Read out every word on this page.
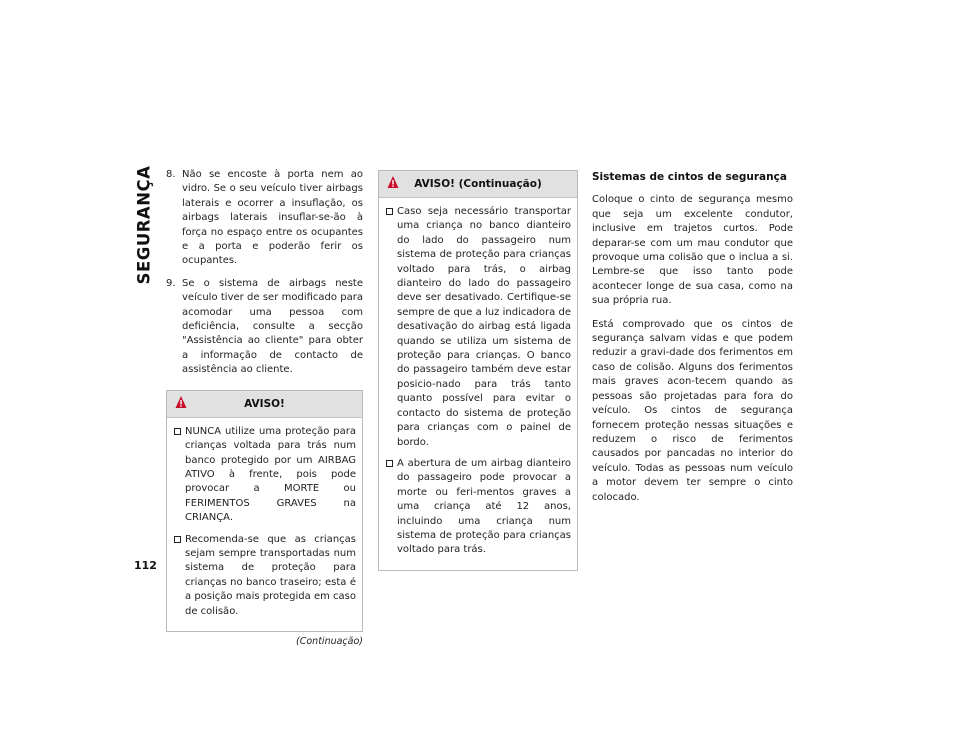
SEGURANÇA
112
8. Não se encoste à porta nem ao vidro. Se o seu veículo tiver airbags laterais e ocorrer a insuflação, os airbags laterais insuflar-se-ão à força no espaço entre os ocupantes e a porta e poderão ferir os ocupantes.
9. Se o sistema de airbags neste veículo tiver de ser modificado para acomodar uma pessoa com deficiência, consulte a secção "Assistência ao cliente" para obter a informação de contacto de assistência ao cliente.
AVISO!
NUNCA utilize uma proteção para crianças voltada para trás num banco protegido por um AIRBAG ATIVO à frente, pois pode provocar a MORTE ou FERIMENTOS GRAVES na CRIANÇA.
Recomenda-se que as crianças sejam sempre transportadas num sistema de proteção para crianças no banco traseiro; esta é a posição mais protegida em caso de colisão.
(Continuação)
AVISO! (Continuação)
Caso seja necessário transportar uma criança no banco dianteiro do lado do passageiro num sistema de proteção para crianças voltado para trás, o airbag dianteiro do lado do passageiro deve ser desativado. Certifique-se sempre de que a luz indicadora de desativação do airbag está ligada quando se utiliza um sistema de proteção para crianças. O banco do passageiro também deve estar posicio-nado para trás tanto quanto possível para evitar o contacto do sistema de proteção para crianças com o painel de bordo.
A abertura de um airbag dianteiro do passageiro pode provocar a morte ou feri-mentos graves a uma criança até 12 anos, incluindo uma criança num sistema de proteção para crianças voltado para trás.
Sistemas de cintos de segurança

Coloque o cinto de segurança mesmo que seja um excelente condutor, inclusive em trajetos curtos. Pode deparar-se com um mau condutor que provoque uma colisão que o inclua a si. Lembre-se que isso tanto pode acontecer longe de sua casa, como na sua própria rua.

Está comprovado que os cintos de segurança salvam vidas e que podem reduzir a gravi-dade dos ferimentos em caso de colisão. Alguns dos ferimentos mais graves acon-tecem quando as pessoas são projetadas para fora do veículo. Os cintos de segurança fornecem proteção nessas situações e reduzem o risco de ferimentos causados por pancadas no interior do veículo. Todas as pessoas num veículo a motor devem ter sempre o cinto colocado.
